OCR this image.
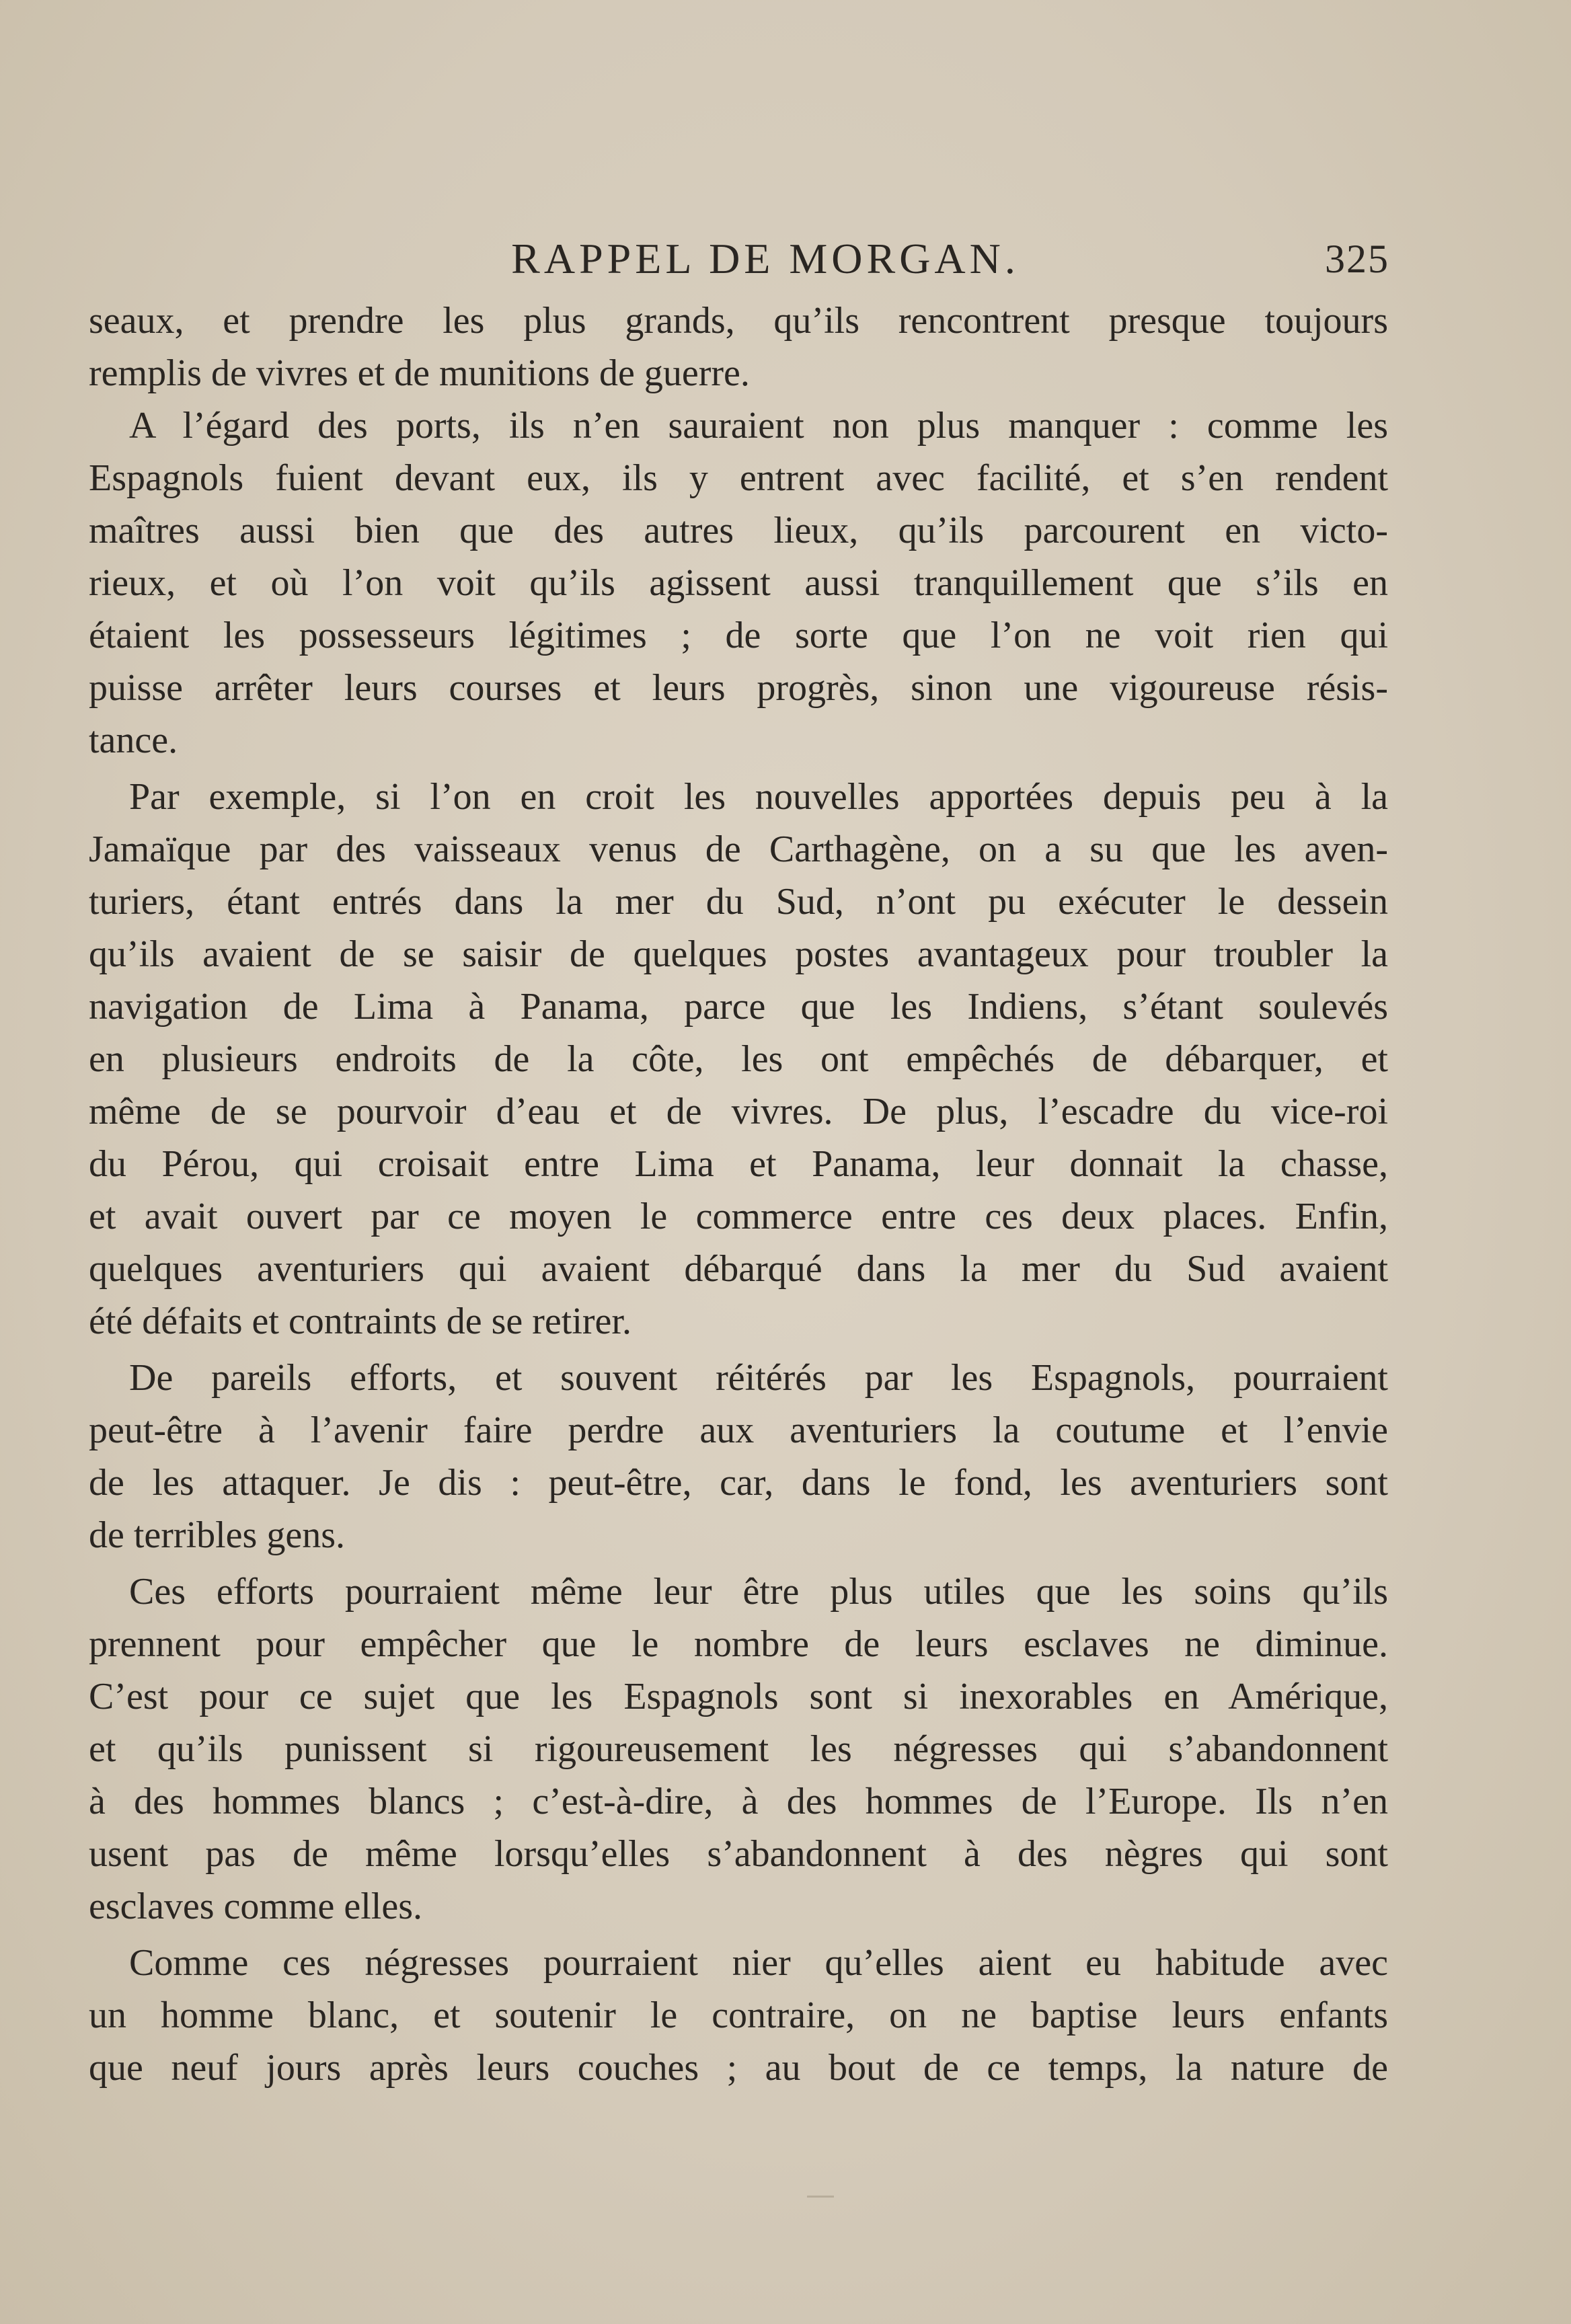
RAPPEL DE MORGAN.	325
seaux, et prendre les plus grands, qu’ils rencontrent presque toujours
remplis de vivres et de munitions de guerre.
A l’égard des ports, ils n’en sauraient non plus manquer : comme les
Espagnols fuient devant eux, ils y entrent avec facilité, et s’en rendent
maîtres aussi bien que des autres lieux, qu’ils parcourent en victo-
rieux, et où l’on voit qu’ils agissent aussi tranquillement que s’ils en
étaient les possesseurs légitimes ; de sorte que l’on ne voit rien qui
puisse arrêter leurs courses et leurs progrès, sinon une vigoureuse résis-
tance.
Par exemple, si l’on en croit les nouvelles apportées depuis peu à la
Jamaïque par des vaisseaux venus de Carthagène, on a su que les aven-
turiers, étant entrés dans la mer du Sud, n’ont pu exécuter le dessein
qu’ils avaient de se saisir de quelques postes avantageux pour troubler la
navigation de Lima à Panama, parce que les Indiens, s’étant soulevés
en plusieurs endroits de la côte, les ont empêchés de débarquer, et
même de se pourvoir d’eau et de vivres. De plus, l’escadre du vice-roi
du Pérou, qui croisait entre Lima et Panama, leur donnait la chasse,
et avait ouvert par ce moyen le commerce entre ces deux places. Enfin,
quelques aventuriers qui avaient débarqué dans la mer du Sud avaient
été défaits et contraints de se retirer.
De pareils efforts, et souvent réitérés par les Espagnols, pourraient
peut-être à l’avenir faire perdre aux aventuriers la coutume et l’envie
de les attaquer. Je dis : peut-être, car, dans le fond, les aventuriers sont
de terribles gens.
Ces efforts pourraient même leur être plus utiles que les soins qu’ils
prennent pour empêcher que le nombre de leurs esclaves ne diminue.
C’est pour ce sujet que les Espagnols sont si inexorables en Amérique,
et qu’ils punissent si rigoureusement les négresses qui s’abandonnent
à des hommes blancs ; c’est-à-dire, à des hommes de l’Europe. Ils n’en
usent pas de même lorsqu’elles s’abandonnent à des nègres qui sont
esclaves comme elles.
Comme ces négresses pourraient nier qu’elles aient eu habitude avec
un homme blanc, et soutenir le contraire, on ne baptise leurs enfants
que neuf jours après leurs couches ; au bout de ce temps, la nature de
